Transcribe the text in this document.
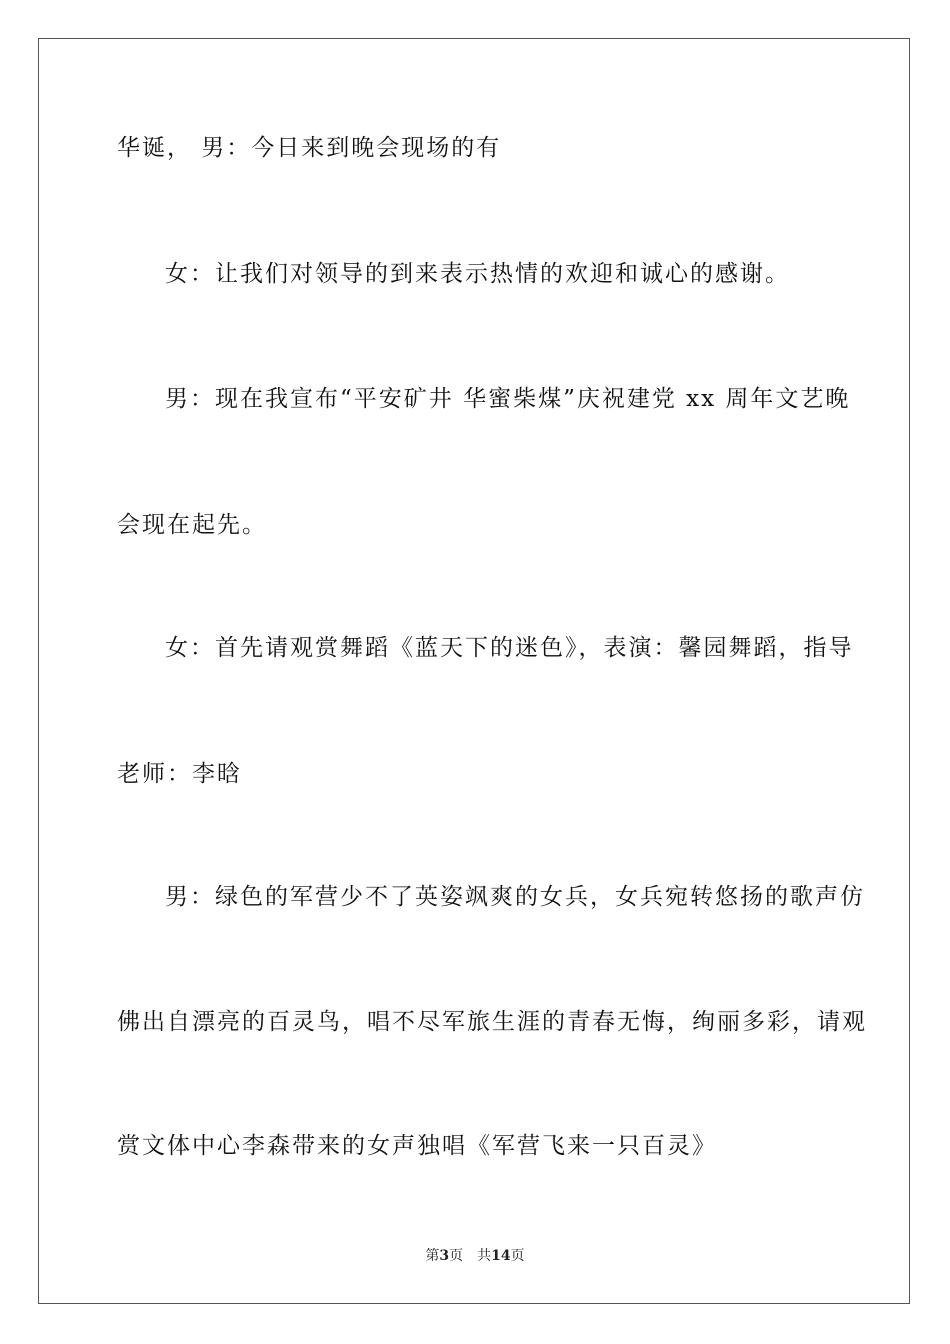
华诞， 男：今日来到晚会现场的有
女：让我们对领导的到来表示热情的欢迎和诚心的感谢。
男：现在我宣布“平安矿井 华蜜柴煤”庆祝建党 xx 周年文艺晚
会现在起先。
女：首先请观赏舞蹈《蓝天下的迷色》，表演：馨园舞蹈，指导
老师：李晗
男：绿色的军营少不了英姿飒爽的女兵，女兵宛转悠扬的歌声仿
佛出自漂亮的百灵鸟，唱不尽军旅生涯的青春无悔，绚丽多彩，请观
赏文体中心李森带来的女声独唱《军营飞来一只百灵》
第3页 共14页
